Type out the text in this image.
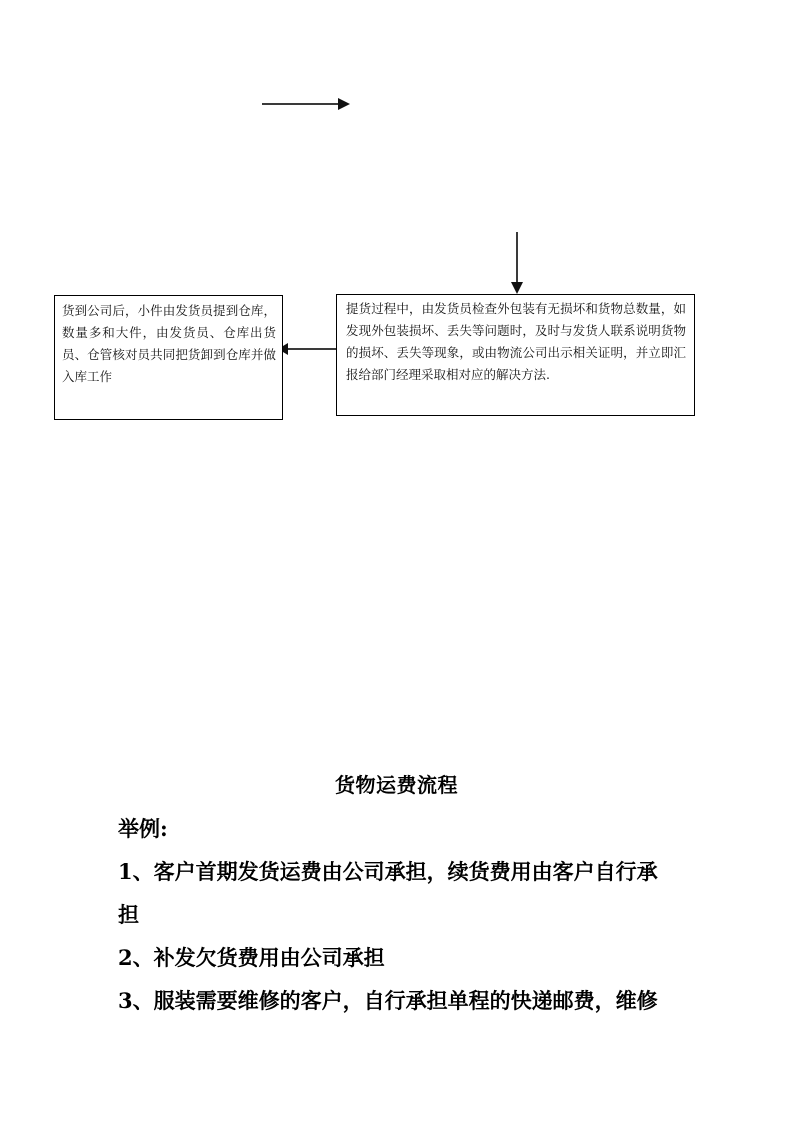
货到公司后，小件由发货员提到仓库，数量多和大件，由发货员、仓库出货员、仓管核对员共同把货卸到仓库并做入库工作
提货过程中，由发货员检查外包装有无损坏和货物总数量，如发现外包装损坏、丢失等问题时，及时与发货人联系说明货物的损坏、丢失等现象，或由物流公司出示相关证明，并立即汇报给部门经理采取相对应的解决方法.
货物运费流程
举例:
1、客户首期发货运费由公司承担，续货费用由客户自行承
担
2、补发欠货费用由公司承担
3、服装需要维修的客户，自行承担单程的快递邮费，维修
